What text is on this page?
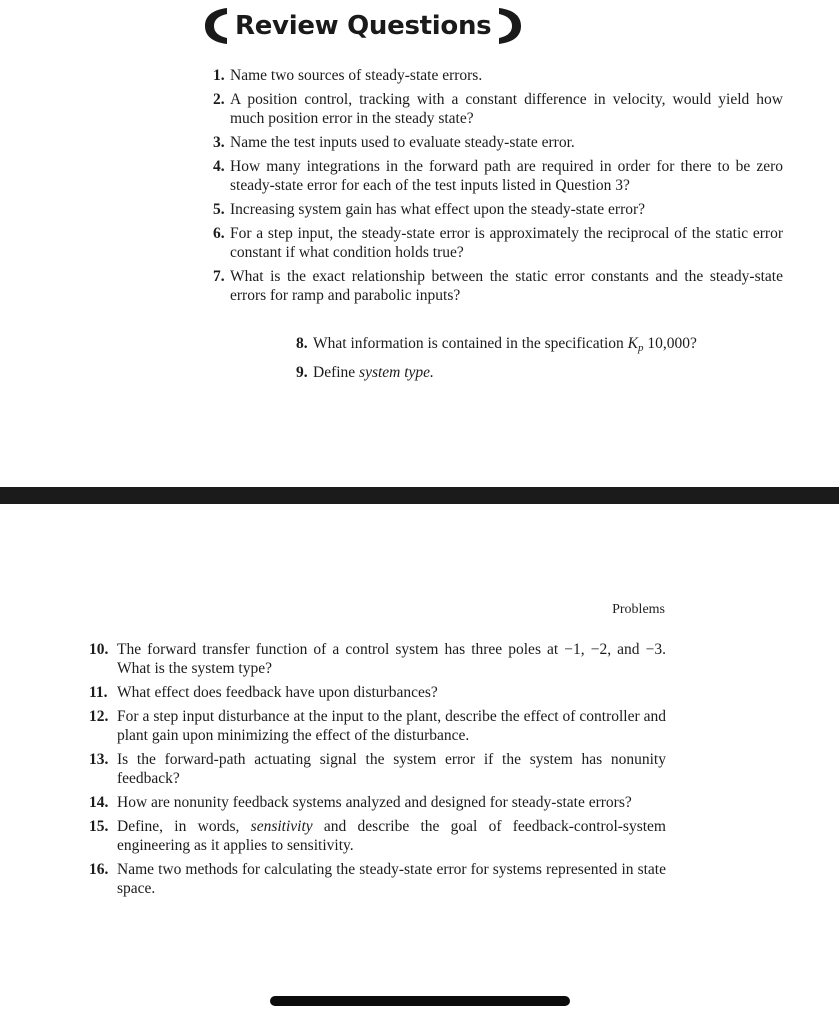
Review Questions
1. Name two sources of steady-state errors.
2. A position control, tracking with a constant difference in velocity, would yield how much position error in the steady state?
3. Name the test inputs used to evaluate steady-state error.
4. How many integrations in the forward path are required in order for there to be zero steady-state error for each of the test inputs listed in Question 3?
5. Increasing system gain has what effect upon the steady-state error?
6. For a step input, the steady-state error is approximately the reciprocal of the static error constant if what condition holds true?
7. What is the exact relationship between the static error constants and the steady-state errors for ramp and parabolic inputs?
8. What information is contained in the specification $K_p$ 10,000?
9. Define system type.
Problems
10. The forward transfer function of a control system has three poles at −1, −2, and −3. What is the system type?
11. What effect does feedback have upon disturbances?
12. For a step input disturbance at the input to the plant, describe the effect of controller and plant gain upon minimizing the effect of the disturbance.
13. Is the forward-path actuating signal the system error if the system has nonunity feedback?
14. How are nonunity feedback systems analyzed and designed for steady-state errors?
15. Define, in words, sensitivity and describe the goal of feedback-control-system engineering as it applies to sensitivity.
16. Name two methods for calculating the steady-state error for systems represented in state space.
